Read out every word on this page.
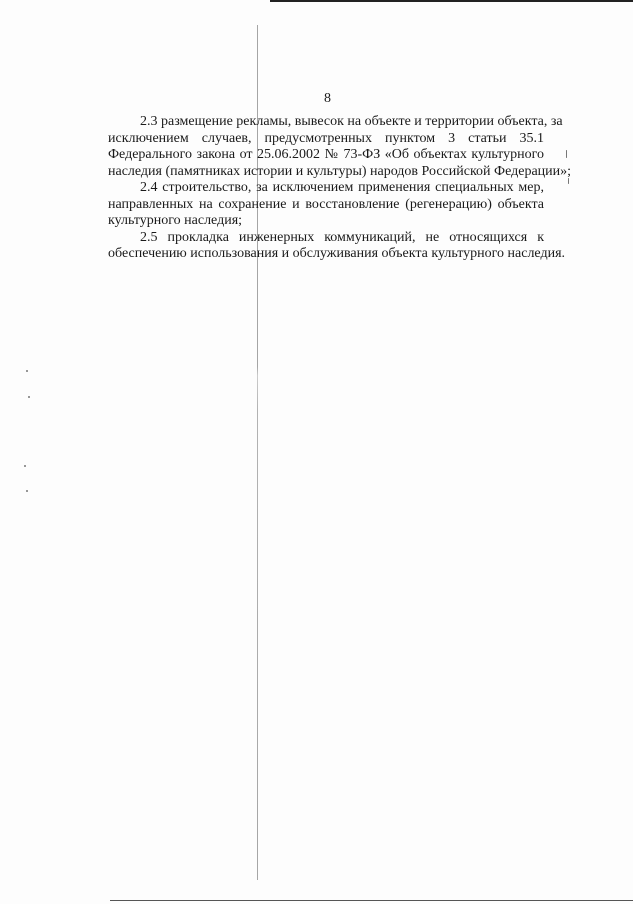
8

2.3 размещение рекламы, вывесок на объекте и территории объекта, за
исключением случаев, предусмотренных пунктом 3 статьи 35.1
Федерального закона от 25.06.2002 № 73-ФЗ «Об объектах культурного
наследия (памятниках истории и культуры) народов Российской Федерации»;

2.4 строительство, за исключением применения специальных мер,
направленных на сохранение и восстановление (регенерацию) объекта
культурного наследия;

2.5 прокладка инженерных коммуникаций, не относящихся к
обеспечению использования и обслуживания объекта культурного наследия.
